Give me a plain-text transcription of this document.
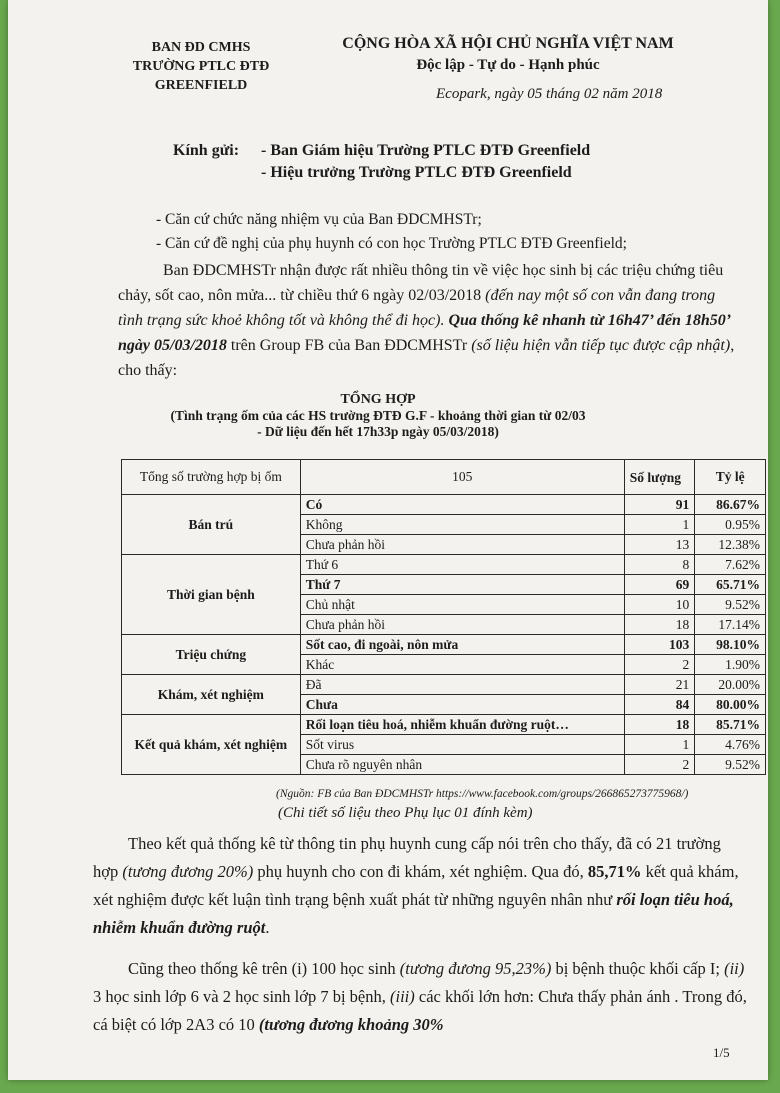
BAN ĐD CMHS
TRƯỜNG PTLC ĐTĐ
GREENFIELD
CỘNG HÒA XÃ HỘI CHỦ NGHĨA VIỆT NAM
Độc lập - Tự do - Hạnh phúc
Ecopark, ngày 05 tháng 02 năm 2018
Kính gửi: - Ban Giám hiệu Trường PTLC ĐTĐ Greenfield
- Hiệu trưởng Trường PTLC ĐTĐ Greenfield
- Căn cứ chức năng nhiệm vụ của Ban ĐDCMHSTr;
- Căn cứ đề nghị của phụ huynh có con học Trường PTLC ĐTĐ Greenfield;
Ban ĐDCMHSTr nhận được rất nhiều thông tin về việc học sinh bị các triệu chứng tiêu chảy, sốt cao, nôn mửa... từ chiều thứ 6 ngày 02/03/2018 (đến nay một số con vẫn đang trong tình trạng sức khoẻ không tốt và không thể đi học). Qua thống kê nhanh từ 16h47’ đến 18h50’ ngày 05/03/2018 trên Group FB của Ban ĐDCMHSTr (số liệu hiện vẫn tiếp tục được cập nhật), cho thấy:
TỔNG HỢP
(Tình trạng ốm của các HS trường ĐTĐ G.F - khoảng thời gian từ 02/03
- Dữ liệu đến hết 17h33p ngày 05/03/2018)
Tổng số trường hợp bị ốm	105	Số lượng	Tỷ lệ
Bán trú	Có	91	86.67%
	Không	1	0.95%
	Chưa phản hồi	13	12.38%
Thời gian bệnh	Thứ 6	8	7.62%
	Thứ 7	69	65.71%
	Chủ nhật	10	9.52%
	Chưa phản hồi	18	17.14%
Triệu chứng	Sốt cao, đi ngoài, nôn mửa	103	98.10%
	Khác	2	1.90%
Khám, xét nghiệm	Đã	21	20.00%
	Chưa	84	80.00%
Kết quả khám, xét nghiệm	Rối loạn tiêu hoá, nhiễm khuẩn đường ruột…	18	85.71%
	Sốt virus	1	4.76%
	Chưa rõ nguyên nhân	2	9.52%
(Nguồn: FB của Ban ĐDCMHSTr https://www.facebook.com/groups/266865273775968/)
(Chi tiết số liệu theo Phụ lục 01 đính kèm)
Theo kết quả thống kê từ thông tin phụ huynh cung cấp nói trên cho thấy, đã có 21 trường hợp (tương đương 20%) phụ huynh cho con đi khám, xét nghiệm. Qua đó, 85,71% kết quả khám, xét nghiệm được kết luận tình trạng bệnh xuất phát từ những nguyên nhân như rối loạn tiêu hoá, nhiễm khuẩn đường ruột.
Cũng theo thống kê trên (i) 100 học sinh (tương đương 95,23%) bị bệnh thuộc khối cấp I; (ii) 3 học sinh lớp 6 và 2 học sinh lớp 7 bị bệnh, (iii) các khối lớn hơn: Chưa thấy phản ánh . Trong đó, cá biệt có lớp 2A3 có 10 (tương đương khoảng 30%
1/5
